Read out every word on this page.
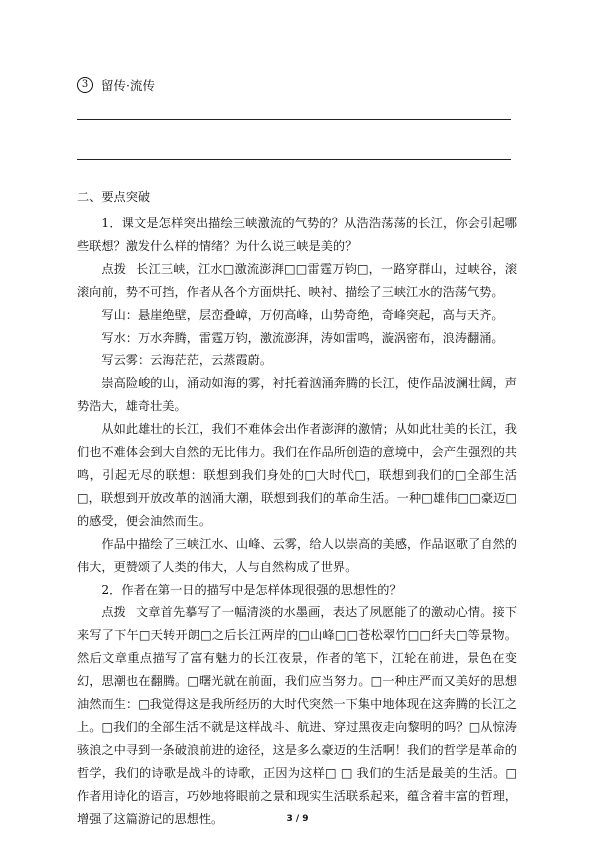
3	留传·流传
二、要点突破

1．课文是怎样突出描绘三峡激流的气势的？从浩浩荡荡的长江，你会引起哪些联想？激发什么样的情绪？为什么说三峡是美的？

点拨 长江三峡，江水□激流澎湃□□雷霆万钧□，一路穿群山，过峡谷，滚滚向前，势不可挡，作者从各个方面烘托、映衬、描绘了三峡江水的浩荡气势。

写山：悬崖绝壁，层峦叠嶂，万仞高峰，山势奇绝，奇峰突起，高与天齐。

写水：万水奔腾，雷霆万钧，激流澎湃，涛如雷鸣，漩涡密布，浪涛翻涌。

写云雾：云海茫茫，云蒸霞蔚。

崇高险峻的山，涌动如海的雾，衬托着汹涌奔腾的长江，使作品波澜壮阔，声势浩大，雄奇壮美。

从如此雄壮的长江，我们不难体会出作者澎湃的激情；从如此壮美的长江，我们也不难体会到大自然的无比伟力。我们在作品所创造的意境中，会产生强烈的共鸣，引起无尽的联想：联想到我们身处的□大时代□，联想到我们的□全部生活□，联想到开放改革的汹涌大潮，联想到我们的革命生活。一种□雄伟□□豪迈□的感受，便会油然而生。

作品中描绘了三峡江水、山峰、云雾，给人以崇高的美感，作品讴歌了自然的伟大，更赞颂了人类的伟大，人与自然构成了世界。

2．作者在第一日的描写中是怎样体现很强的思想性的？

点拨 文章首先摹写了一幅清淡的水墨画，表达了夙愿能了的激动心情。接下来写了下午□天转开朗□之后长江两岸的□山峰□□苍松翠竹□□纤夫□等景物。然后文章重点描写了富有魅力的长江夜景，作者的笔下，江轮在前进，景色在变幻，思潮也在翻腾。□曙光就在前面，我们应当努力。□一种庄严而又美好的思想油然而生：□我觉得这是我所经历的大时代突然一下集中地体现在这奔腾的长江之上。□我们的全部生活不就是这样战斗、航进、穿过黑夜走向黎明的吗？□从惊涛骇浪之中寻到一条破浪前进的途径，这是多么豪迈的生活啊！我们的哲学是革命的哲学，我们的诗歌是战斗的诗歌，正因为这样□ □ 我们的生活是最美的生活。□作者用诗化的语言，巧妙地将眼前之景和现实生活联系起来，蕴含着丰富的哲理，增强了这篇游记的思想性。	3 / 9
